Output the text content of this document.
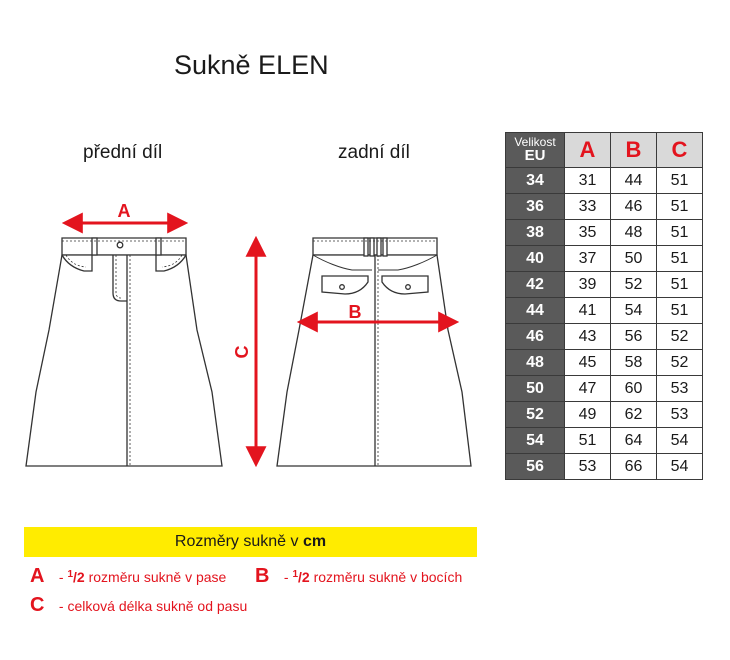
Sukně ELEN
přední díl	zadní díl
A
B
C
Velikost
EU	A	B	C
34	31	44	51
36	33	46	51
38	35	48	51
40	37	50	51
42	39	52	51
44	41	54	51
46	43	56	52
48	45	58	52
50	47	60	53
52	49	62	53
54	51	64	54
56	53	66	54
Rozměry sukně v cm
A - $^1$/2 rozměru sukně v pase B - $^1$/2 rozměru sukně v bocích
C - celková délka sukně od pasu
